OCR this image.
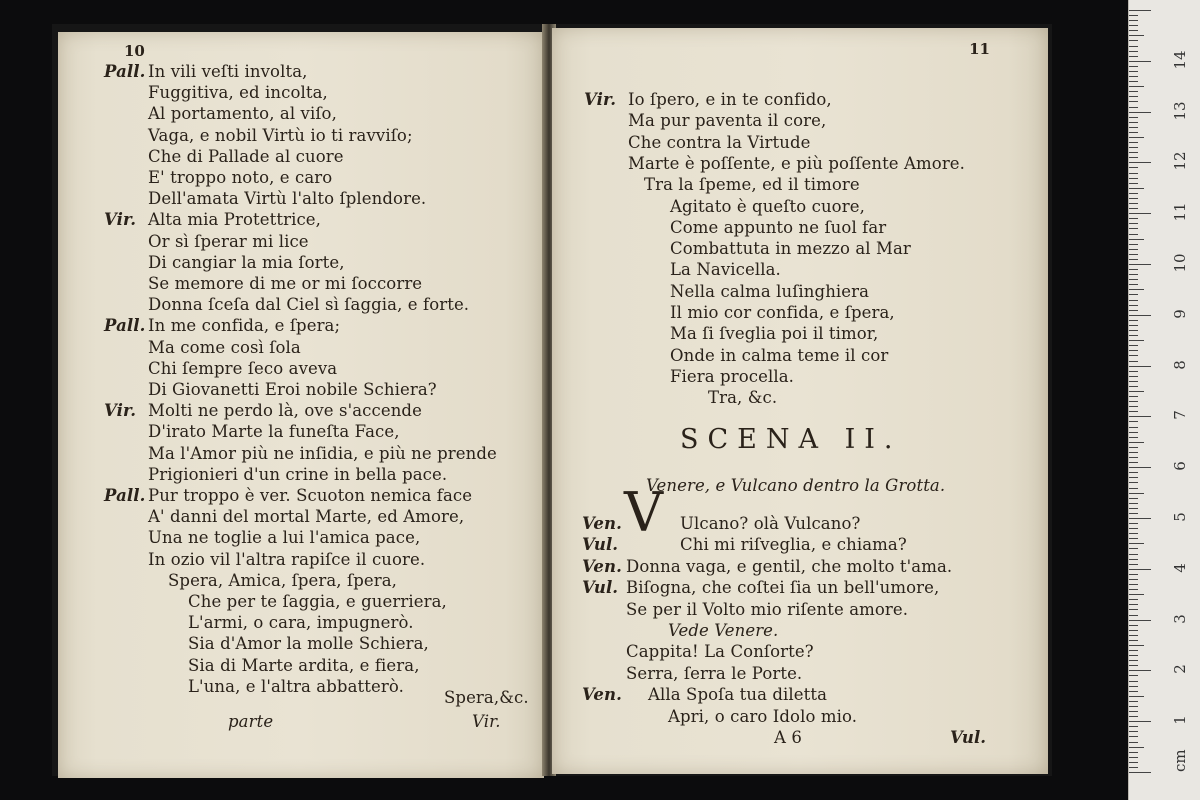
10
Pall. In vili veſti involta,
Fuggitiva, ed incolta,
Al portamento, al viſo,
Vaga, e nobil Virtù io ti ravviſo;
Che di Pallade al cuore
E' troppo noto, e caro
Dell'amata Virtù l'alto ſplendore.
Vir. Alta mia Protettrice,
Or sì ſperar mi lice
Di cangiar la mia ſorte,
Se memore di me or mi ſoccorre
Donna ſceſa dal Ciel sì ſaggia, e forte.
Pall. In me confida, e ſpera;
Ma come così ſola
Chi ſempre ſeco aveva
Di Giovanetti Eroi nobile Schiera?
Vir. Molti ne perdo là, ove s'accende
D'irato Marte la funeſta Face,
Ma l'Amor più ne inſidia, e più ne prende
Prigionieri d'un crine in bella pace.
Pall. Pur troppo è ver. Scuoton nemica face
A' danni del mortal Marte, ed Amore,
Una ne toglie a lui l'amica pace,
In ozio vil l'altra rapiſce il cuore.
Spera, Amica, ſpera, ſpera,
Che per te ſaggia, e guerriera,
L'armi, o cara, impugnerò.
Sia d'Amor la molle Schiera,
Sia di Marte ardita, e fiera,
L'una, e l'altra abbatterò.
Spera,&c.
parte	Vir.
11
Vir. Io ſpero, e in te confido,
Ma pur paventa il core,
Che contra la Virtude
Marte è poſſente, e più poſſente Amore.
Tra la ſpeme, ed il timore
Agitato è queſto cuore,
Come appunto ne ſuol far
Combattuta in mezzo al Mar
La Navicella.
Nella calma luſinghiera
Il mio cor confida, e ſpera,
Ma ſi ſveglia poi il timor,
Onde in calma teme il cor
Fiera procella.
Tra, &c.
SCENA II.
Venere, e Vulcano dentro la Grotta.
V
Ven.	Ulcano? olà Vulcano?
Vul.	Chi mi riſveglia, e chiama?
Ven. Donna vaga, e gentil, che molto t'ama.
Vul. Biſogna, che coſtei ſia un bell'umore,
Se per il Volto mio riſente amore.
Vede Venere.
Cappita! La Conſorte?
Serra, ſerra le Porte.
Ven. Alla Spoſa tua diletta
Apri, o caro Idolo mio.
A 6	Vul.
1
2
3
4
5
6
7
8
9
10
11
12
13
14
cm
